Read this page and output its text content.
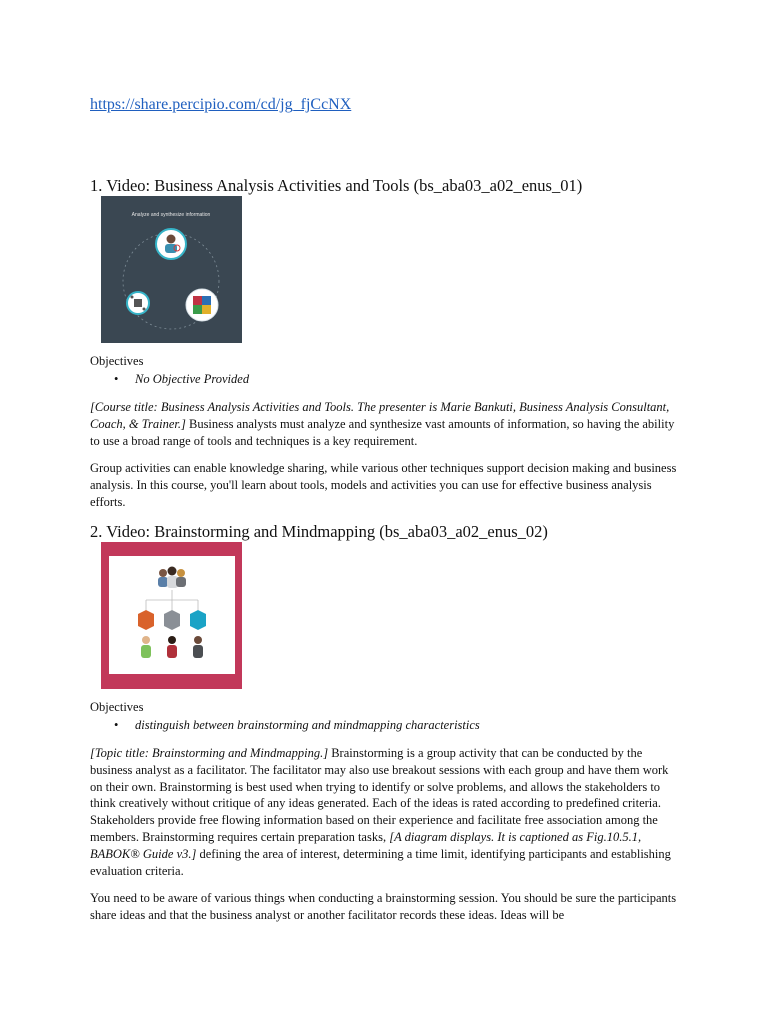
https://share.percipio.com/cd/jg_fjCcNX
1. Video: Business Analysis Activities and Tools (bs_aba03_a02_enus_01)
Analyze and synthesize information
Objectives
• No Objective Provided
[Course title: Business Analysis Activities and Tools. The presenter is Marie Bankuti, Business Analysis Consultant, Coach, & Trainer.] Business analysts must analyze and synthesize vast amounts of information, so having the ability to use a broad range of tools and techniques is a key requirement.
Group activities can enable knowledge sharing, while various other techniques support decision making and business analysis. In this course, you'll learn about tools, models and activities you can use for effective business analysis efforts.
2. Video: Brainstorming and Mindmapping (bs_aba03_a02_enus_02)
Objectives
• distinguish between brainstorming and mindmapping characteristics
[Topic title: Brainstorming and Mindmapping.] Brainstorming is a group activity that can be conducted by the business analyst as a facilitator. The facilitator may also use breakout sessions with each group and have them work on their own. Brainstorming is best used when trying to identify or solve problems, and allows the stakeholders to think creatively without critique of any ideas generated. Each of the ideas is rated according to predefined criteria. Stakeholders provide free flowing information based on their experience and facilitate free association among the members. Brainstorming requires certain preparation tasks, [A diagram displays. It is captioned as Fig.10.5.1, BABOK® Guide v3.] defining the area of interest, determining a time limit, identifying participants and establishing evaluation criteria.
You need to be aware of various things when conducting a brainstorming session. You should be sure the participants share ideas and that the business analyst or another facilitator records these ideas. Ideas will be
